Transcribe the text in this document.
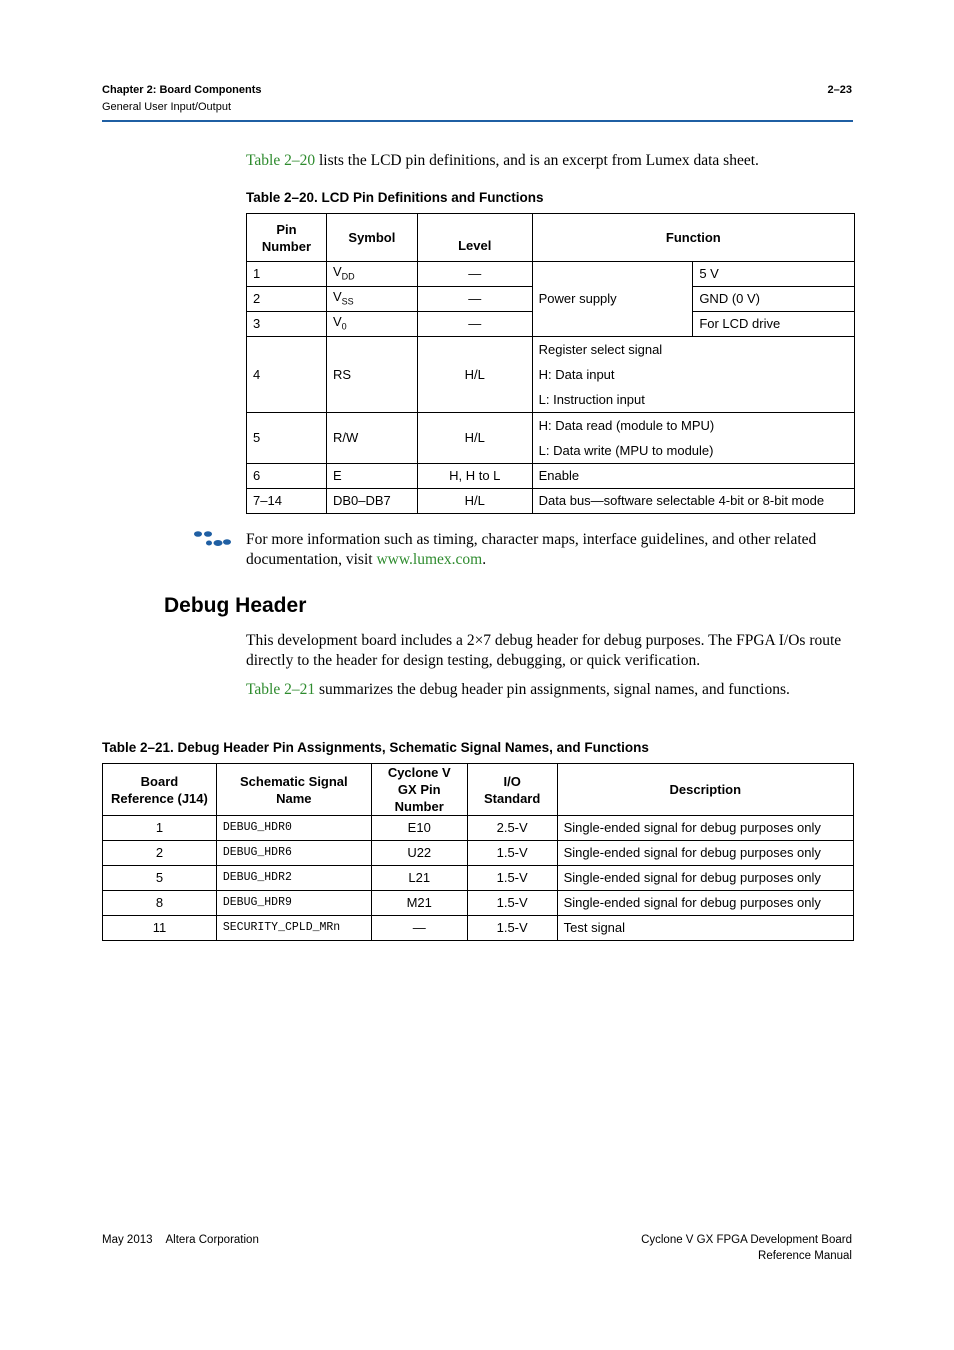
Chapter 2: Board Components
General User Input/Output
2–23
Table 2–20 lists the LCD pin definitions, and is an excerpt from Lumex data sheet.
Table 2–20. LCD Pin Definitions and Functions
Pin Number	Symbol	Level	Function	
1	$V_{DD}$	—	Power supply	5 V
2	$V_{SS}$	—		GND (0 V)
3	$V_0$	—		For LCD drive
4	RS	H/L	Register select signal
H: Data input
L: Instruction input	

5	R/W	H/L	H: Data read (module to MPU)
L: Data write (MPU to module)	

6	E	H, H to L	Enable	
7–14	DB0–DB7	H/L	Data bus—software selectable 4-bit or 8-bit mode	
For more information such as timing, character maps, interface guidelines, and other related documentation, visit www.lumex.com.
Debug Header
This development board includes a 2×7 debug header for debug purposes. The FPGA I/Os route directly to the header for design testing, debugging, or quick verification.
Table 2–21 summarizes the debug header pin assignments, signal names, and functions.
Table 2–21. Debug Header Pin Assignments, Schematic Signal Names, and Functions
Board Reference (J14)	Schematic Signal Name	Cyclone V GX Pin Number	I/O Standard	Description
1	DEBUG_HDR0	E10	2.5-V	Single-ended signal for debug purposes only
2	DEBUG_HDR6	U22	1.5-V	Single-ended signal for debug purposes only
5	DEBUG_HDR2	L21	1.5-V	Single-ended signal for debug purposes only
8	DEBUG_HDR9	M21	1.5-V	Single-ended signal for debug purposes only
11	SECURITY_CPLD_MRn	—	1.5-V	Test signal
May 2013 Altera Corporation	Cyclone V GX FPGA Development Board
Reference Manual
